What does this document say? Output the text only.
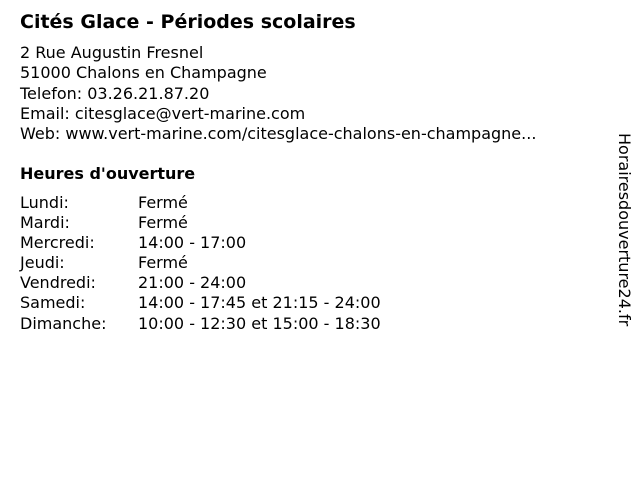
Cités Glace - Périodes scolaires
2 Rue Augustin Fresnel
51000 Chalons en Champagne
Telefon: 03.26.21.87.20
Email: citesglace@vert-marine.com
Web: www.vert-marine.com/citesglace-chalons-en-champagne...
Heures d'ouverture
Lundi:	Fermé
Mardi:	Fermé
Mercredi:	14:00 - 17:00
Jeudi:	Fermé
Vendredi:	21:00 - 24:00
Samedi:	14:00 - 17:45 et 21:15 - 24:00
Dimanche: 10:00 - 12:30 et 15:00 - 18:30	Horairesdouverture24.fr
